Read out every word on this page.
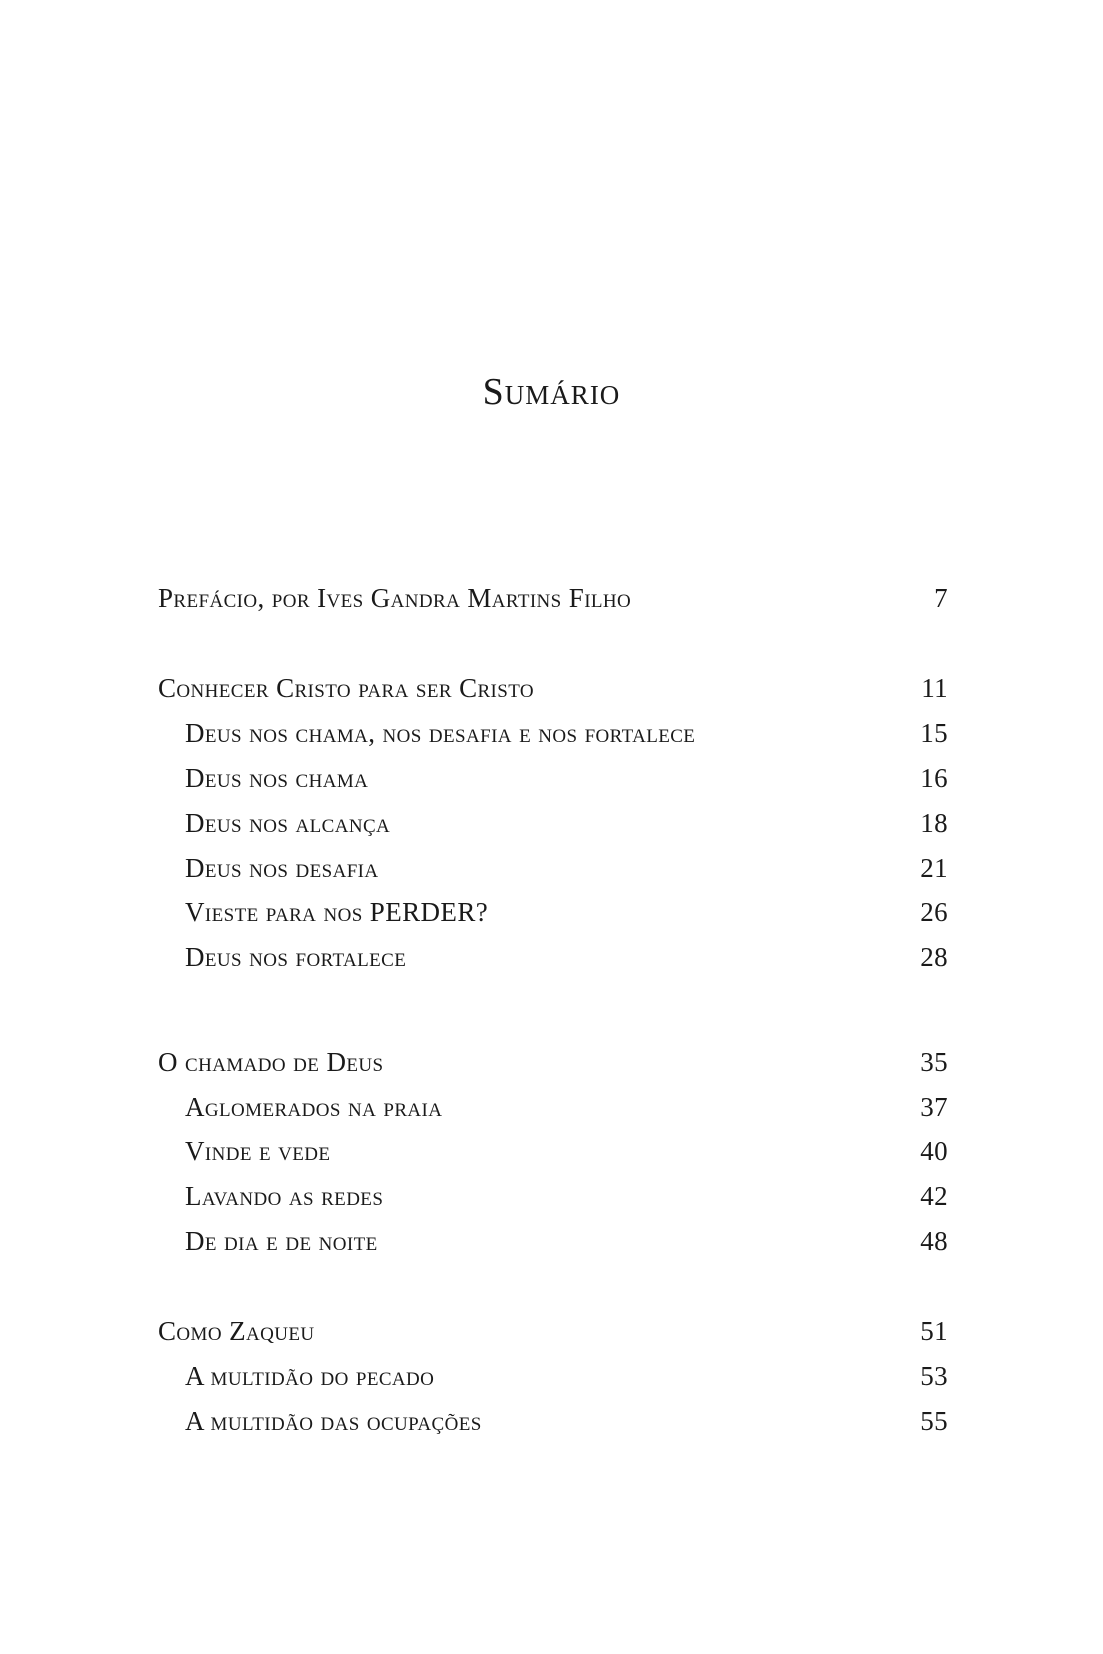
Sumário
Prefácio, por Ives Gandra Martins Filho	7
Conhecer Cristo para ser Cristo	11
Deus nos chama, nos desafia e nos fortalece	15
Deus nos chama	16
Deus nos alcança	18
Deus nos desafia	21
Vieste para nos PERDER?	26
Deus nos fortalece	28
O chamado de Deus	35
Aglomerados na praia	37
Vinde e vede	40
Lavando as redes	42
De dia e de noite	48
Como Zaqueu	51
A multidão do pecado	53
A multidão das ocupações	55
